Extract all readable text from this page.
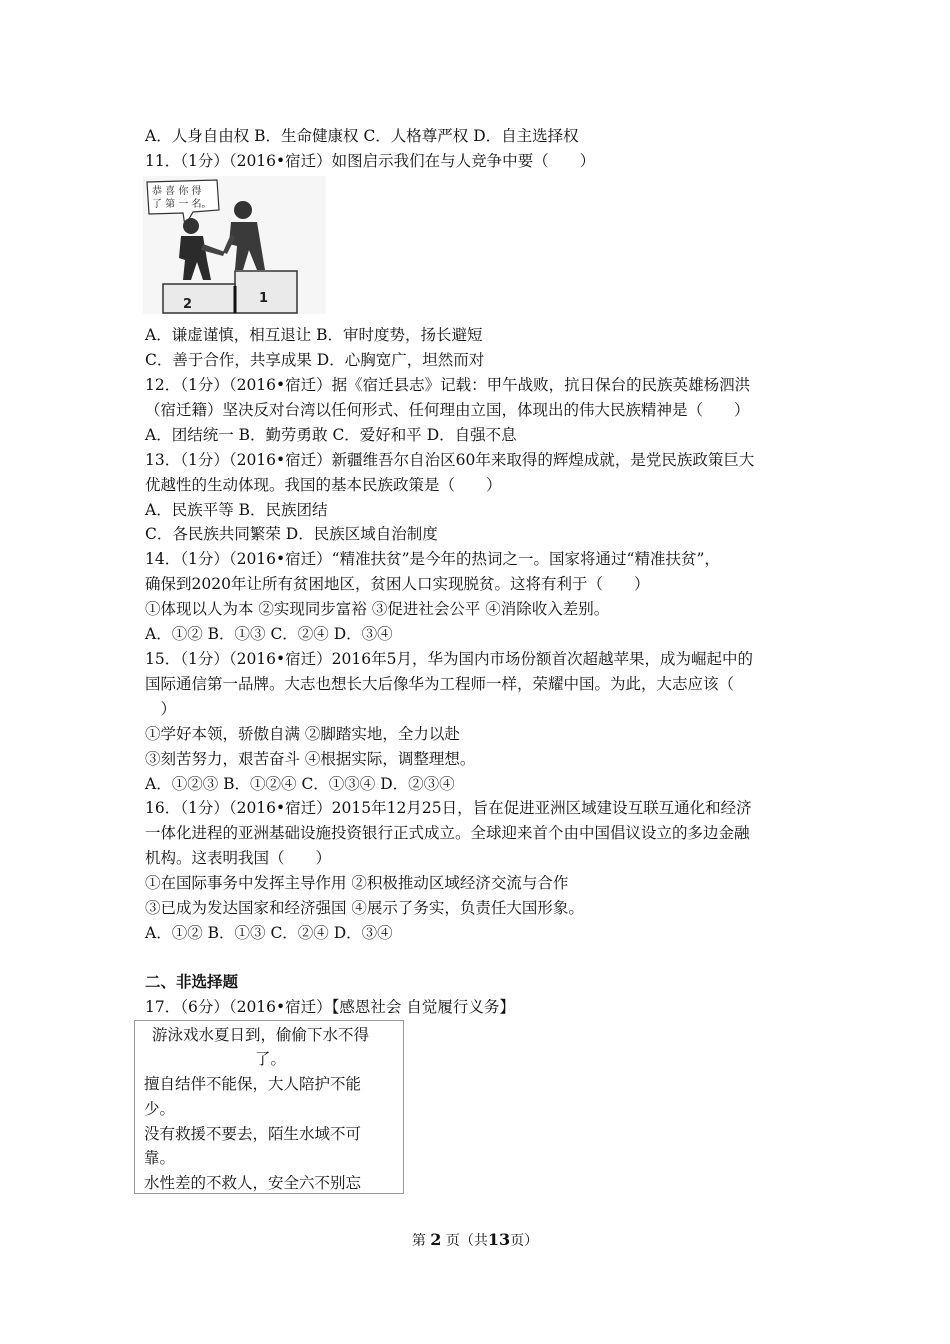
A．人身自由权 B．生命健康权 C．人格尊严权 D．自主选择权
11．（1分）（2016•宿迁）如图启示我们在与人竞争中要（　　）
恭 喜 你 得
了 第 一 名。
1
2
A．谦虚谨慎，相互退让 B．审时度势，扬长避短
C．善于合作，共享成果 D．心胸宽广，坦然而对
12．（1分）（2016•宿迁）据《宿迁县志》记载：甲午战败，抗日保台的民族英雄杨泗洪
（宿迁籍）坚决反对台湾以任何形式、任何理由立国，体现出的伟大民族精神是（　　）
A．团结统一 B．勤劳勇敢 C．爱好和平 D．自强不息
13．（1分）（2016•宿迁）新疆维吾尔自治区60年来取得的辉煌成就，是党民族政策巨大
优越性的生动体现。我国的基本民族政策是（　　）
A．民族平等 B．民族团结
C．各民族共同繁荣 D．民族区域自治制度
14．（1分）（2016•宿迁）“精准扶贫”是今年的热词之一。国家将通过“精准扶贫”，
确保到2020年让所有贫困地区，贫困人口实现脱贫。这将有利于（　　）
①体现以人为本 ②实现同步富裕 ③促进社会公平 ④消除收入差别。
A．①② B．①③ C．②④ D．③④
15．（1分）（2016•宿迁）2016年5月，华为国内市场份额首次超越苹果，成为崛起中的
国际通信第一品牌。大志也想长大后像华为工程师一样，荣耀中国。为此，大志应该（
　）
①学好本领，骄傲自满 ②脚踏实地，全力以赴
③刻苦努力，艰苦奋斗 ④根据实际，调整理想。
A．①②③ B．①②④ C．①③④ D．②③④
16．（1分）（2016•宿迁）2015年12月25日，旨在促进亚洲区域建设互联互通化和经济
一体化进程的亚洲基础设施投资银行正式成立。全球迎来首个由中国倡议设立的多边金融
机构。这表明我国（　　）
①在国际事务中发挥主导作用 ②积极推动区域经济交流与合作
③已成为发达国家和经济强国 ④展示了务实，负责任大国形象。
A．①② B．①③ C．②④ D．③④
二、非选择题
17．（6分）（2016•宿迁）【感恩社会 自觉履行义务】
游泳戏水夏日到，偷偷下水不得
了。
擅自结伴不能保，大人陪护不能
少。
没有救援不要去，陌生水域不可
靠。
水性差的不救人，安全六不别忘
第 2 页（共13页）
